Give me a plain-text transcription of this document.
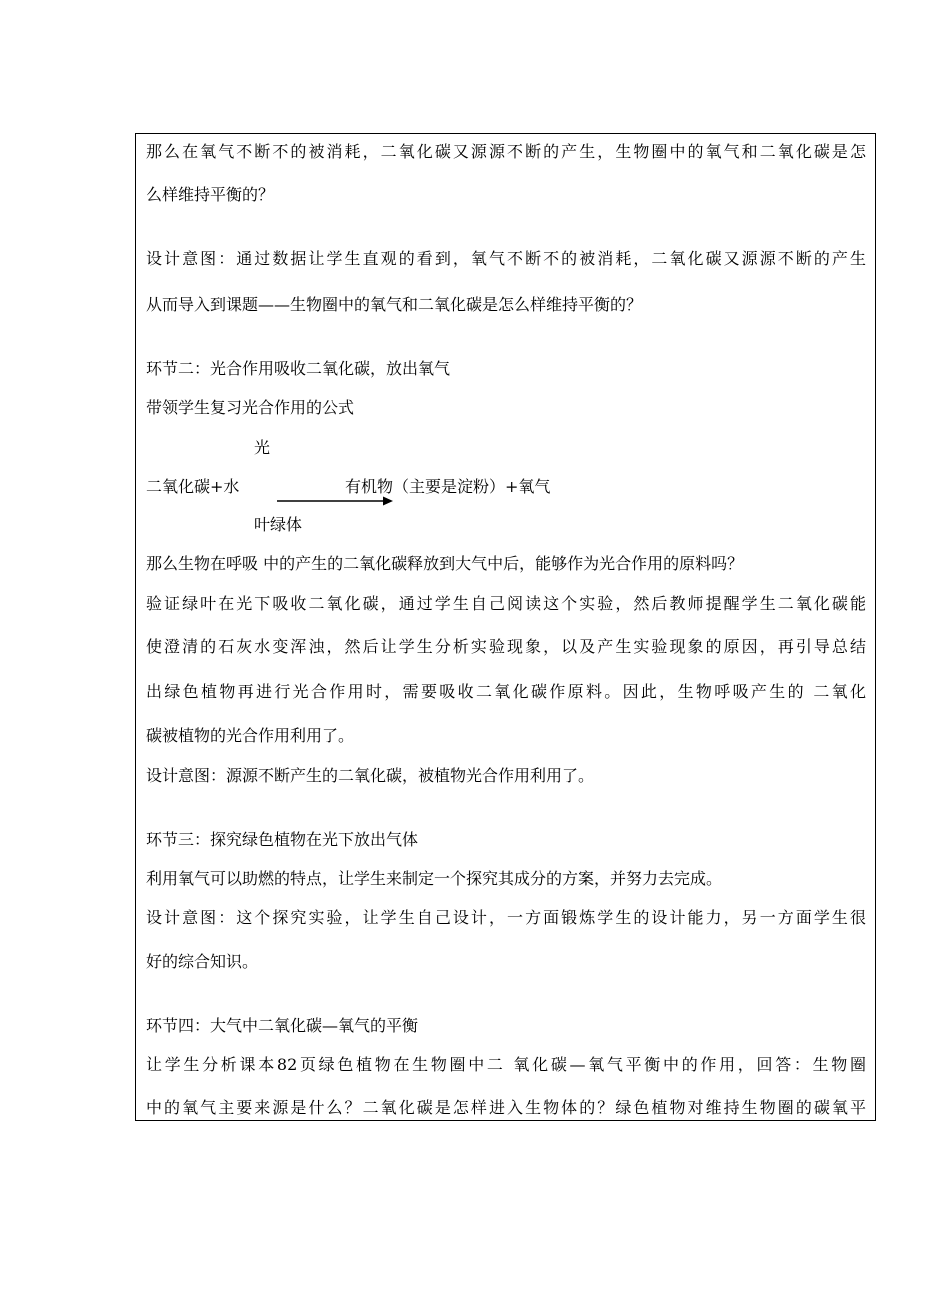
那么在氧气不断不的被消耗，二氧化碳又源源不断的产生，生物圈中的氧气和二氧化碳是怎
么样维持平衡的？
设计意图：通过数据让学生直观的看到，氧气不断不的被消耗，二氧化碳又源源不断的产生
从而导入到课题——生物圈中的氧气和二氧化碳是怎么样维持平衡的？
环节二：光合作用吸收二氧化碳，放出氧气
带领学生复习光合作用的公式
光
二氧化碳+水	有机物（主要是淀粉）+氧气
叶绿体
那么生物在呼吸 中的产生的二氧化碳释放到大气中后，能够作为光合作用的原料吗？
验证绿叶在光下吸收二氧化碳，通过学生自己阅读这个实验，然后教师提醒学生二氧化碳能
使澄清的石灰水变浑浊，然后让学生分析实验现象，以及产生实验现象的原因，再引导总结
出绿色植物再进行光合作用时，需要吸收二氧化碳作原料。因此，生物呼吸产生的 二氧化
碳被植物的光合作用利用了。
设计意图：源源不断产生的二氧化碳，被植物光合作用利用了。
环节三：探究绿色植物在光下放出气体
利用氧气可以助燃的特点，让学生来制定一个探究其成分的方案，并努力去完成。
设计意图：这个探究实验，让学生自己设计，一方面锻炼学生的设计能力，另一方面学生很
好的综合知识。
环节四：大气中二氧化碳—氧气的平衡
让学生分析课本82页绿色植物在生物圈中二 氧化碳—氧气平衡中的作用，回答：生物圈
中的氧气主要来源是什么？二氧化碳是怎样进入生物体的？绿色植物对维持生物圈的碳氧平
